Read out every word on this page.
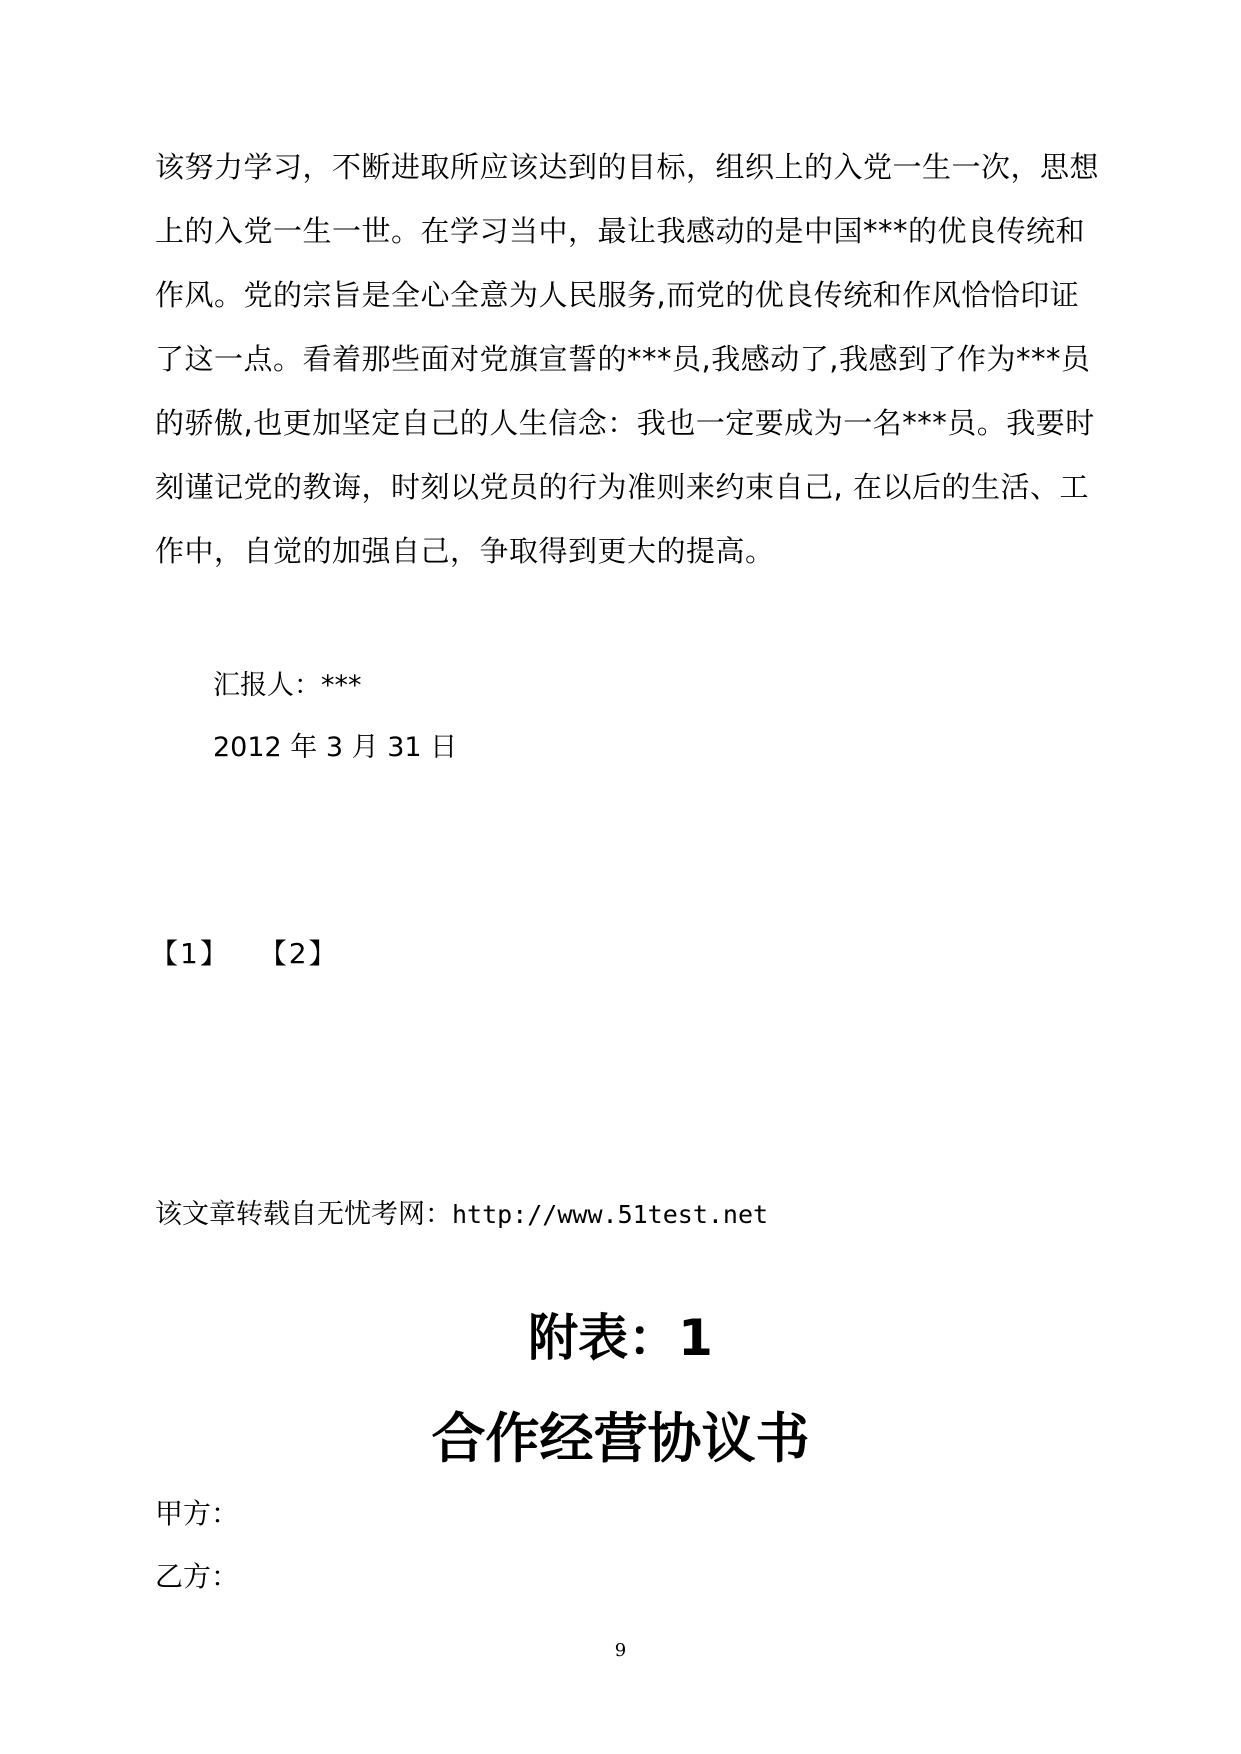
该努力学习，不断进取所应该达到的目标，组织上的入党一生一次，思想
上的入党一生一世。在学习当中，最让我感动的是中国***的优良传统和
作风。党的宗旨是全心全意为人民服务,而党的优良传统和作风恰恰印证
了这一点。看着那些面对党旗宣誓的***员,我感动了,我感到了作为***员
的骄傲,也更加坚定自己的人生信念：我也一定要成为一名***员。我要时
刻谨记党的教诲，时刻以党员的行为准则来约束自己, 在以后的生活、工
作中，自觉的加强自己，争取得到更大的提高。
汇报人：***
2012 年 3 月 31 日
【1】 【2】
该文章转载自无忧考网：http://www.51test.net
附表：1
合作经营协议书
甲方：
乙方：
9
